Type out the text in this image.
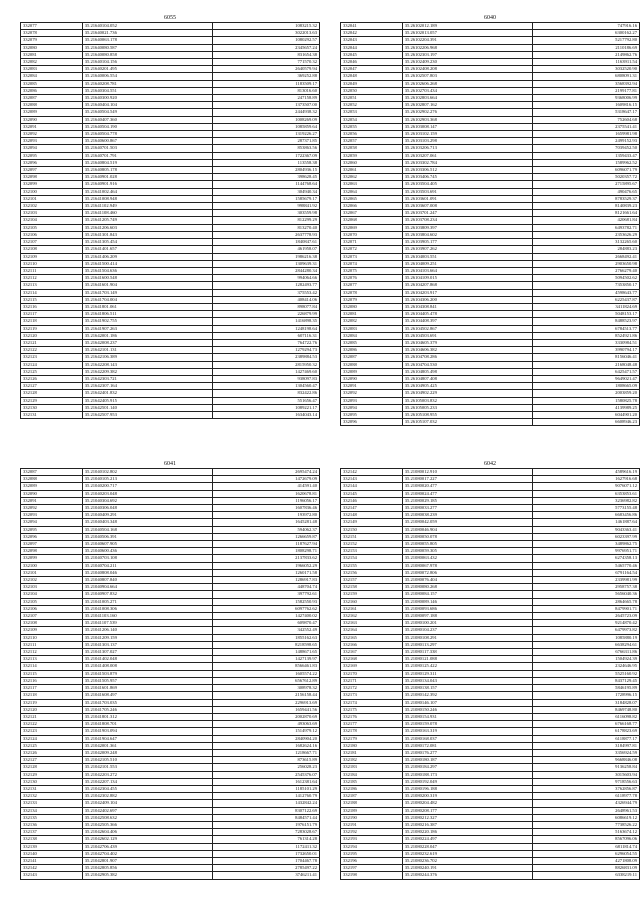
6055
332077	35.21640104.052	1083215.32
332078	35.21640021.736	3022013.63
332079	35.21640063.178	1080292.57
332080	35.21640080.587	2345657.24
332081	35.21640080.858	831654.38
332082	35.21640104.156	771570.32
332083	35.21640201.495	2640579.94
332084	35.21640006.554	369252.88
332085	35.21640208.781	1183509.17
332086	35.21640304.551	813016.60
332087	35.21640300.920	247158.89
332088	35.21640404.104	1373507.00
332089	35.21640504.549	2444938.32
332090	35.21640407.360	1008269.09
332091	35.21640504.190	1085859.64
332092	35.21640504.778	1319226.27
332093	35.21640600.867	287371.85
332094	35.21640701.503	853863.56
332095	35.21640701.791	1722367.09
332096	35.21640804.519	113558.38
332097	35.21640805.178	2804936.15
332098	35.21640901.028	398628.45
332099	35.21640901.916	1144768.64
332100	35.21641002.464	304940.34
332101	35.21641008.948	1585679.17
332102	35.21641102.949	998841.92
332103	35.21641108.460	303559.98
332104	35.21641205.749	812299.29
332105	35.21641206.603	813270.40
332106	35.21641301.843	2637778.93
332107	35.21641305.454	1840847.61
332108	35.21641401.657	461958.07
332109	35.21641406.209	1986216.38
332110	35.21641500.414	1309639.31
332111	35.21641504.636	2844280.34
332112	35.21641600.548	994064.66
332113	35.21641601.904	1282493.77
332114	35.21641703.149	375553.42
332115	35.21641704.004	408414.06
332116	35.21641801.061	898077.84
332117	35.21641806.511	226879.99
332118	35.21641902.755	1416898.35
332119	35.21641907.263	1248198.64
332120	35.21642001.186	607116.31
332121	35.21642008.237	764722.76
332122	35.21642101.131	1279294.73
332123	35.21642106.389	2389884.53
332124	35.21642208.143	2815950.32
332125	35.21642209.382	1427469.60
332126	35.21642303.721	938097.83
332127	35.21642307.164	1304560.47
332128	35.21642401.832	832422.86
332129	35.21642405.915	551656.47
332130	35.21642501.140	1089221.17
332131	35.21642507.953	1634043.14
6040
332041	35.26102012.189	747916.16
332042	35.26102013.057	6300162.27
332043	35.26102204.391	5217792.80
332044	35.26102206.968	2110186.69
332045	35.26102303.197	2149862.76
332046	35.26102409.230	1163911.54
332047	35.26102408.208	3032520.90
332048	35.26102507.803	6808091.31
332049	35.26102606.268	3568392.94
332050	35.26102703.434	2199177.81
332051	35.26102803.664	9368006.99
332052	35.26102807.162	1609816.15
332053	35.26102902.276	5318647.17
332054	35.26102903.368	752604.68
332055	35.26103008.147	2375541.41
332056	35.26103102.159	1659981.98
332057	35.26103103.298	2499152.93
332058	35.26103206.713	7039452.50
332059	35.26103207.061	1359433.47
332060	35.26103302.784	1589962.52
332061	35.26103306.512	6096071.79
332062	35.26103406.745	5020357.72
332063	35.26103504.405	2715895.67
332064	35.26103503.691	490476.65
332065	35.26103601.091	8783529.37
332066	35.26103607.008	8140839.23
332067	35.26103701.247	8121661.64
332068	35.26103708.234	420681.84
332069	35.26103809.397	6493782.71
332070	35.26103804.602	2353626.29
332071	35.26103905.177	3132265.60
332072	35.26103907.262	284883.23
332073	35.26104003.551	2668492.41
332074	35.26104009.251	2903650.98
332075	35.26104103.664	2766279.40
332076	35.26104109.015	5094502.62
332077	35.26104207.868	7353850.17
332078	35.26104203.917	4598643.77
332079	35.26104306.200	6225437.87
332080	35.26104308.841	3411824.69
332081	35.26104405.478	5048153.17
332082	35.26104408.397	8488523.97
332083	35.26104502.867	6784513.77
332084	35.26104503.691	8524921.86
332085	35.26104605.379	3330984.51
332086	35.26104606.382	3990794.17
332087	35.26104708.286	8156046.41
332088	35.26104704.530	2168048.48
332089	35.26104805.498	6425471.57
332090	35.26104807.408	9649021.47
332091	35.26104905.425	1808665.09
332092	35.26104902.229	2003859.20
332093	35.26105003.832	1580825.78
332094	35.26105005.233	4139989.25
332095	35.26105108.955	6044901.20
332096	35.26105107.032	6608946.23
6041
332087	35.21040102.802	2695474.24
332088	35.21040105.213	1472679.09
332089	35.21040200.717	414591.40
332090	35.21040203.048	1620678.81
332091	35.21040304.692	1196056.17
332092	35.21040306.048	1607836.46
332093	35.21040409.291	193972.80
332094	35.21040403.348	1645281.48
332095	35.21040504.168	594062.37
332096	35.21040506.391	1266659.87
332097	35.21040607.905	1187627.94
332098	35.21040600.436	1808298.71
332099	35.21040703.108	2137833.62
332100	35.21040704.211	1966052.29
332101	35.21040808.046	1260171.58
332102	35.21040807.840	1286917.83
332103	35.21040904.664	448704.74
332104	35.21040907.832	397792.61
332105	35.21041005.271	1582550.93
332106	35.21041008.306	6097762.62
332107	35.21041103.160	1427400.02
332108	35.21041107.539	609870.47
332109	35.21041206.140	342552.49
332110	35.21041209.159	1855162.63
332111	35.21041303.137	8218598.65
332112	35.21041307.027	1488671.65
332113	35.21041402.048	1427139.97
332114	35.21041408.008	8566461.83
332115	35.21041503.879	1605574.22
332116	35.21041505.957	6567612.89
332117	35.21041601.869	308978.32
332118	35.21041608.497	2156158.44
332119	35.21041703.035	2296913.69
332120	35.21041705.246	1659441.56
332121	35.21041801.312	2002870.69
332122	35.21041808.701	493063.69
332123	35.21041903.094	1514979.12
332124	35.21041904.647	2840904.20
332125	35.21042001.361	1682624.16
332126	35.21042009.248	1218667.71
332127	35.21042105.510	873615.89
332128	35.21042101.553	256028.23
332129	35.21042203.272	2545376.07
332130	35.21042207.134	1612381.64
332131	35.21042304.455	1185101.29
332132	35.21042302.882	1412760.79
332133	35.21042409.104	1432842.24
332134	35.21042402.697	8307122.69
332135	35.21042508.632	8484571.44
332136	35.21042505.366	1976151.79
332137	35.21042604.406	7283028.67
332138	35.21042602.129	761314.28
332139	35.21042706.439	1172411.32
332140	35.21042704.402	1732650.01
332141	35.21042801.907	1704467.78
332142	35.21042805.856	2785497.22
332143	35.21042905.382	3746211.41
6042
332142	35.21080012.910	4589616.19
332143	35.21080017.227	1627916.68
332144	35.21080020.477	9076071.12
332145	35.21080024.477	6353853.61
332146	35.21080029.185	3236982.82
332147	35.21080033.277	5773155.48
332148	35.21080038.239	6683456.86
332149	35.21080042.059	1461887.64
332150	35.21080046.904	9043363.41
332151	35.21080050.078	6023397.99
332152	35.21080055.805	3489862.75
332153	35.21080059.305	9976951.71
332154	35.21080063.432	6274358.13
332155	35.21080067.978	5465770.46
332156	35.21080072.806	6791164.54
332157	35.21080076.404	2339981.99
332158	35.21080080.268	2958757.38
332159	35.21080084.157	5656040.36
332160	35.21080089.146	2864665.78
332161	35.21080093.686	8479901.71
332162	35.21080097.188	2645723.09
332163	35.21080100.201	9214870.42
332164	35.21080104.237	6479973.82
332165	35.21080108.291	1085880.19
332166	35.21080113.297	6638294.61
332167	35.21080117.338	6766311.86
332168	35.21080121.088	1504924.39
332169	35.21080125.422	2324646.95
332170	35.21080129.311	5525160.92
332171	35.21080134.043	8437129.45
332172	35.21080138.157	5846195.89
332173	35.21080142.392	1728996.15
332174	35.21080146.107	3184828.07
332175	35.21080150.246	8469748.80
332176	35.21080154.931	6116098.82
332177	35.21080159.078	6766168.77
332178	35.21080163.319	6178823.69
332179	35.21080168.037	6118877.17
332180	35.21080172.081	3184997.81
332181	35.21080176.277	3356924.59
332182	35.21080180.187	9668846.08
332183	35.21080184.297	9136258.84
332184	35.21080188.173	3015603.94
332185	35.21080192.049	9718556.63
332186	35.21080196.188	3762856.87
332187	35.21080200.319	6118977.78
332188	35.21080204.482	4326944.79
332189	35.21080208.177	2648961.53
332190	35.21080212.327	6086619.12
332191	35.21080216.387	7738526.22
332192	35.21080220.186	5163674.12
332193	35.21080224.497	8567096.06
332194	35.21080228.047	6811814.74
332195	35.21080232.619	6296054.55
332196	35.21080236.702	4271808.09
332197	35.21080240.191	8826831.09
332198	35.21080244.376	6338219.11
